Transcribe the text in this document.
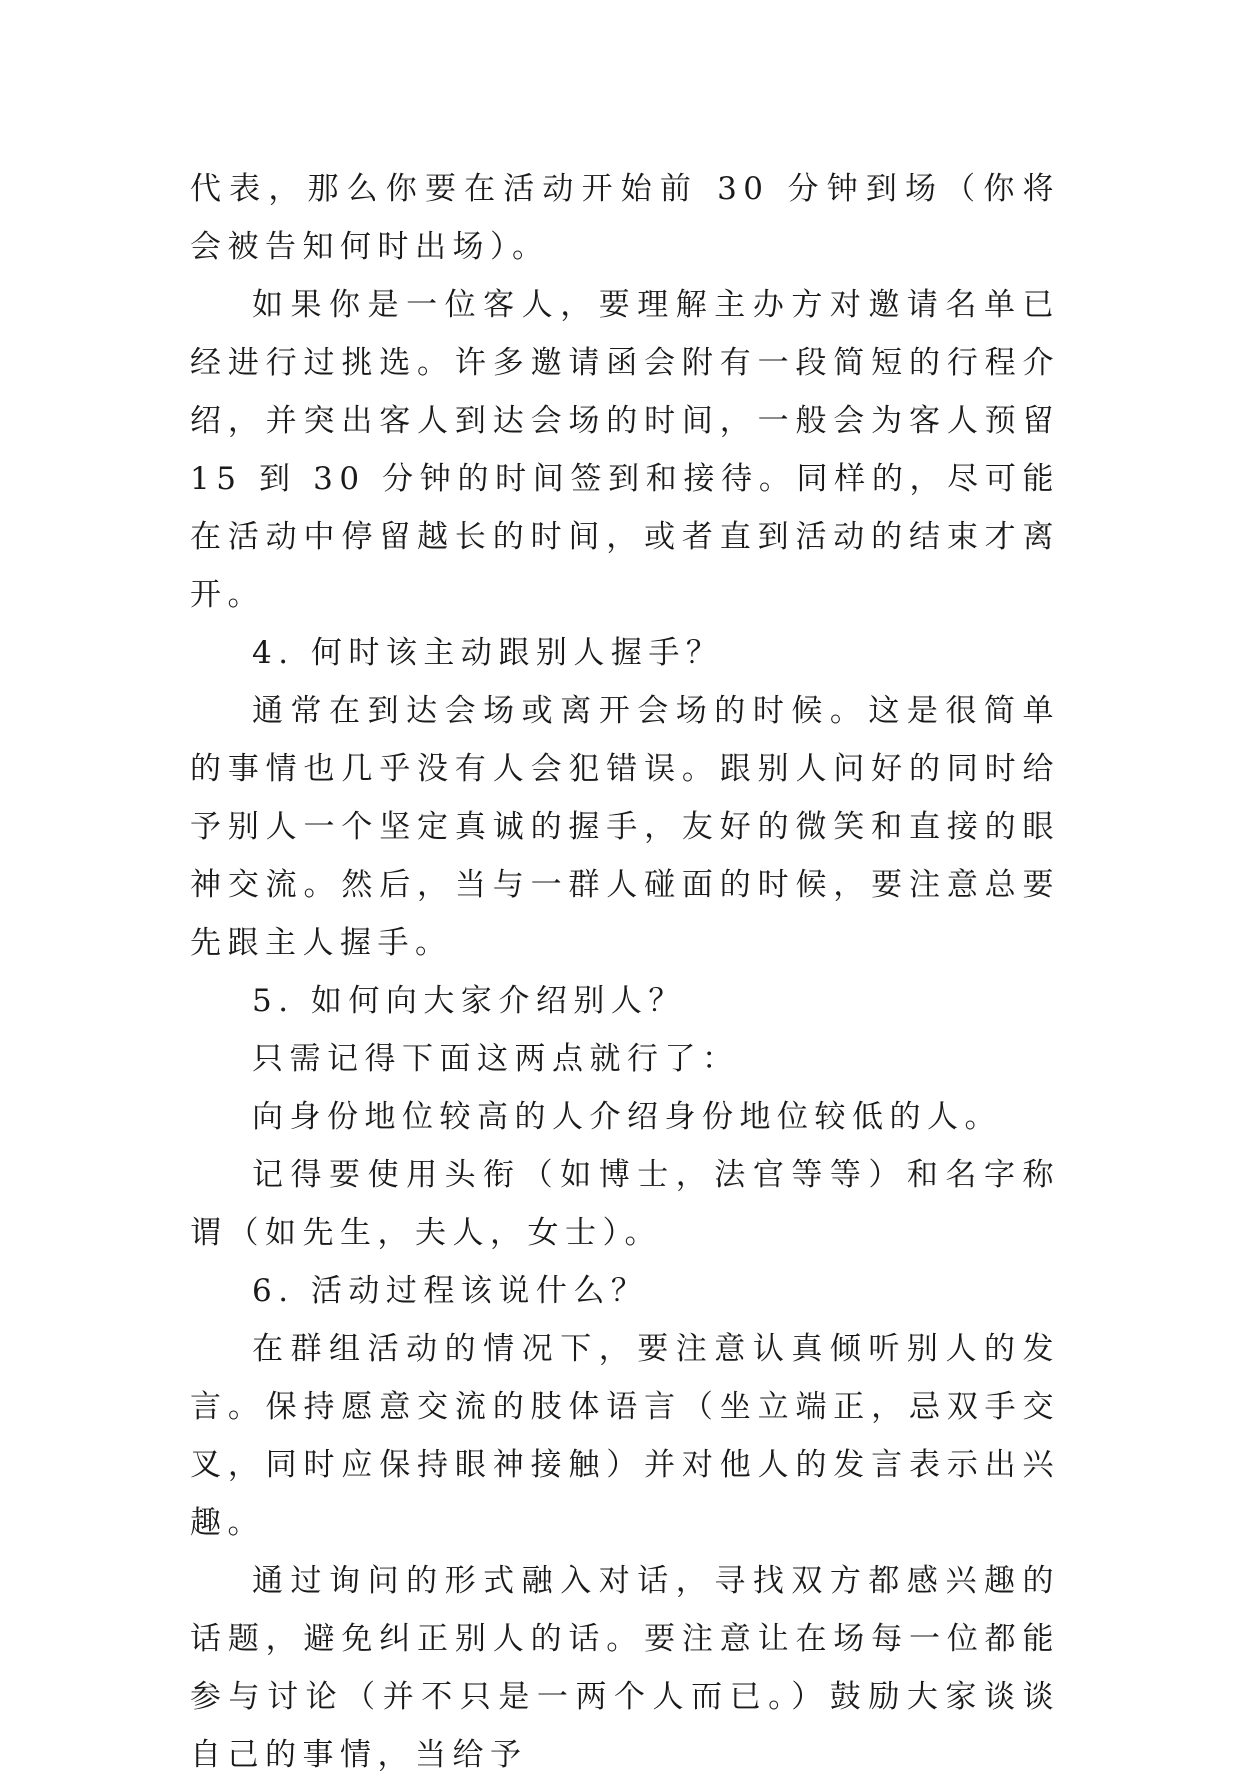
代表，那么你要在活动开始前 30 分钟到场（你将会被告知何时出场）。

如果你是一位客人，要理解主办方对邀请名单已经进行过挑选。许多邀请函会附有一段简短的行程介绍，并突出客人到达会场的时间，一般会为客人预留 15 到 30 分钟的时间签到和接待。同样的，尽可能在活动中停留越长的时间，或者直到活动的结束才离开。

4. 何时该主动跟别人握手？

通常在到达会场或离开会场的时候。这是很简单的事情也几乎没有人会犯错误。跟别人问好的同时给予别人一个坚定真诚的握手，友好的微笑和直接的眼神交流。然后，当与一群人碰面的时候，要注意总要先跟主人握手。

5. 如何向大家介绍别人？

只需记得下面这两点就行了：

向身份地位较高的人介绍身份地位较低的人。

记得要使用头衔（如博士，法官等等）和名字称谓（如先生，夫人，女士）。

6. 活动过程该说什么？

在群组活动的情况下，要注意认真倾听别人的发言。保持愿意交流的肢体语言（坐立端正，忌双手交叉，同时应保持眼神接触）并对他人的发言表示出兴趣。

通过询问的形式融入对话，寻找双方都感兴趣的话题，避免纠正别人的话。要注意让在场每一位都能参与讨论（并不只是一两个人而已。）鼓励大家谈谈自己的事情，当给予
